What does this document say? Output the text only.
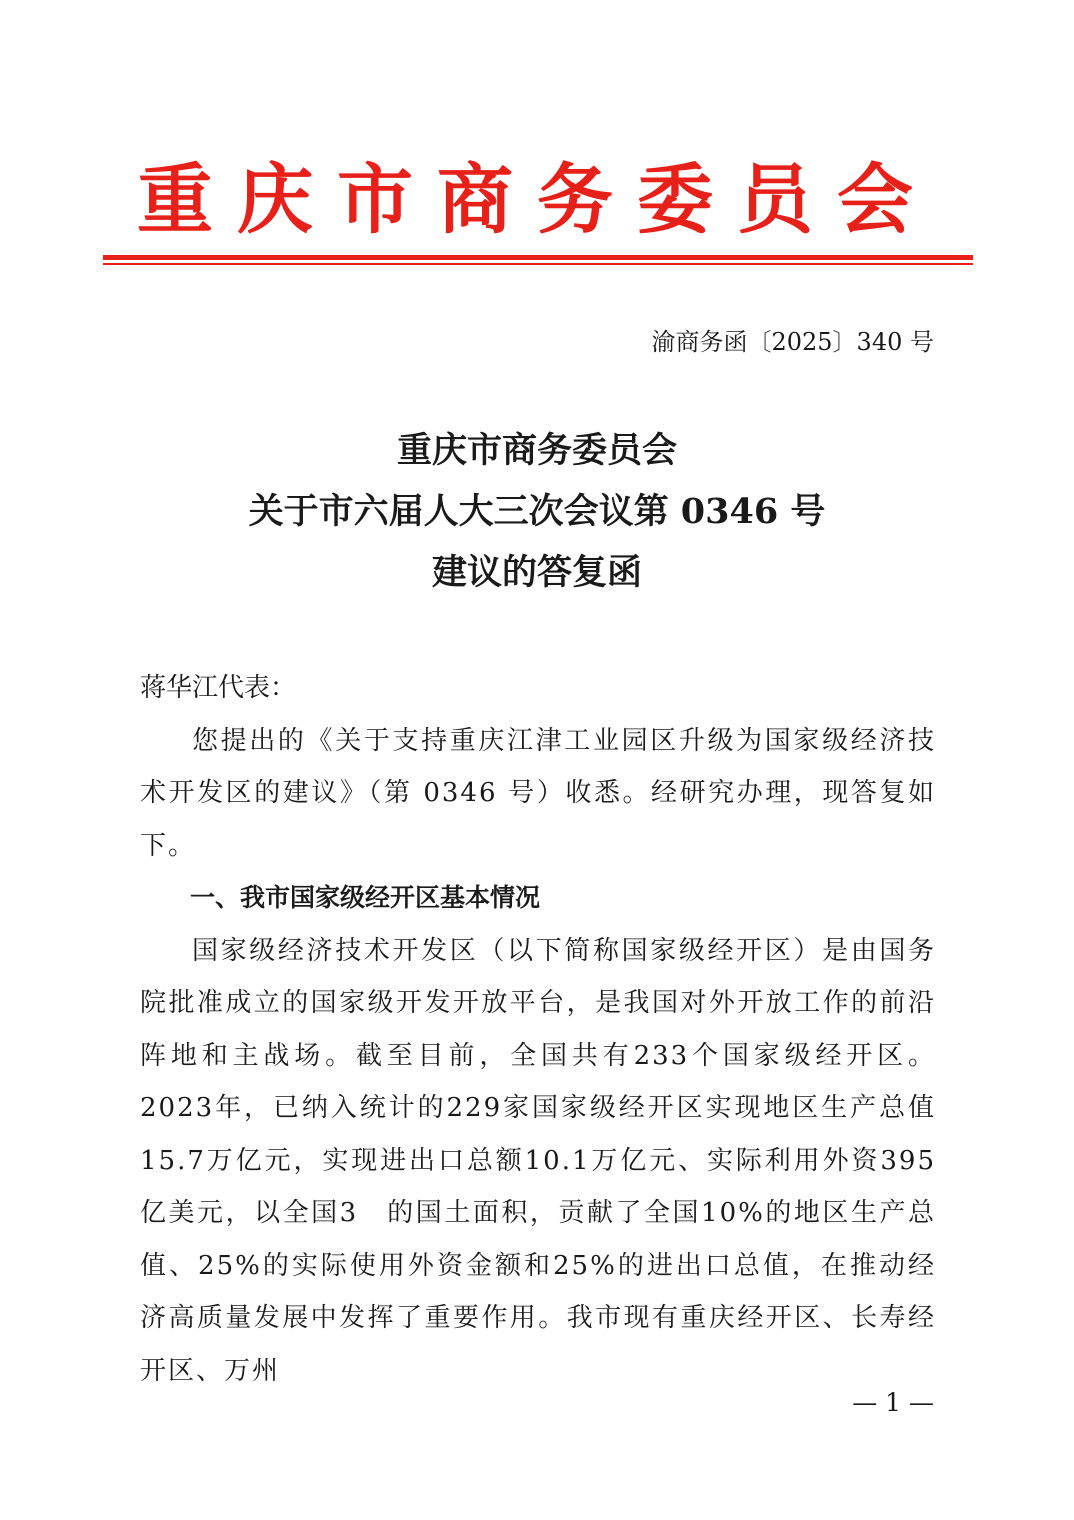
重庆市商务委员会
渝商务函〔2025〕340 号
重庆市商务委员会
关于市六届人大三次会议第 0346 号
建议的答复函
蒋华江代表：
您提出的《关于支持重庆江津工业园区升级为国家级经济技术开发区的建议》（第 0346 号）收悉。经研究办理，现答复如下。
一、我市国家级经开区基本情况
国家级经济技术开发区（以下简称国家级经开区）是由国务院批准成立的国家级开发开放平台，是我国对外开放工作的前沿阵地和主战场。截至目前，全国共有233个国家级经开区。2023年，已纳入统计的229家国家级经开区实现地区生产总值15.7万亿元，实现进出口总额10.1万亿元、实际利用外资395亿美元，以全国3　的国土面积，贡献了全国10%的地区生产总值、25%的实际使用外资金额和25%的进出口总值，在推动经济高质量发展中发挥了重要作用。我市现有重庆经开区、长寿经开区、万州
— 1 —
